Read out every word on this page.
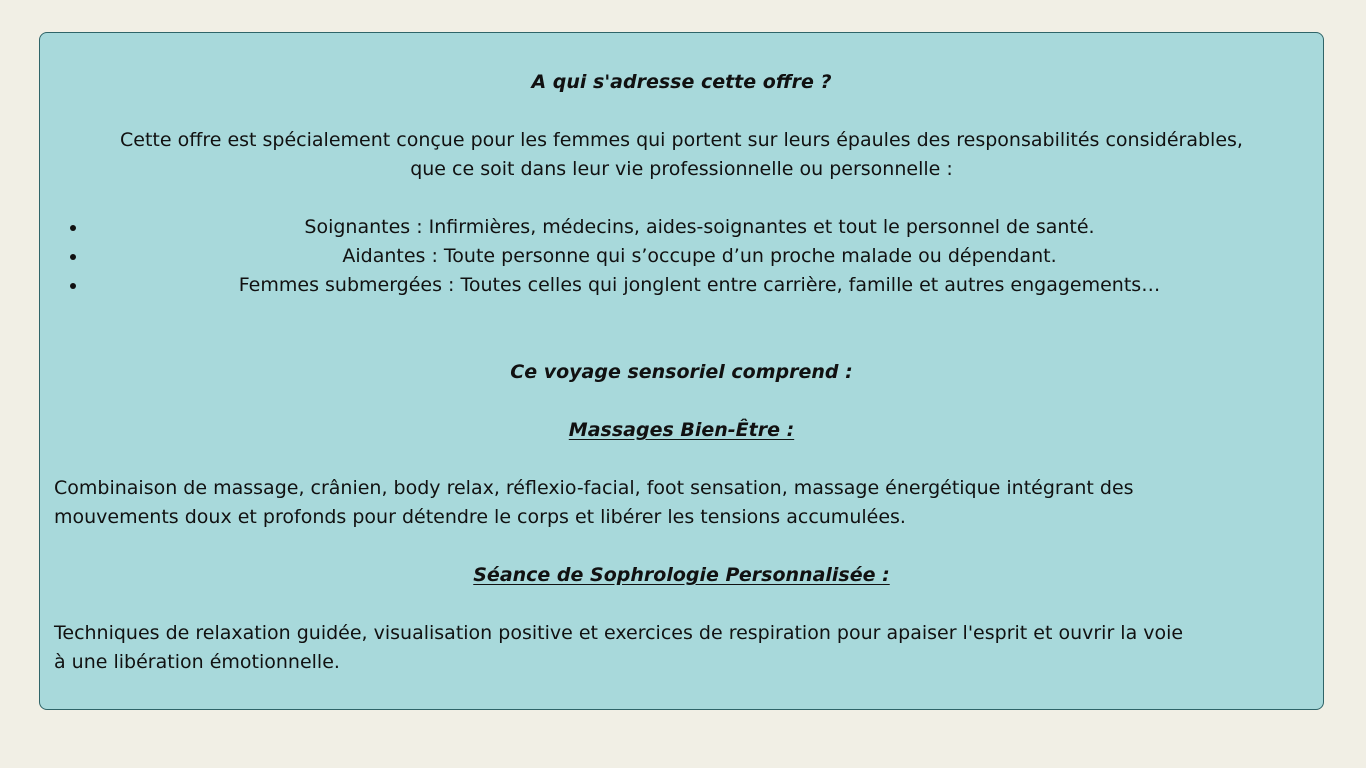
A qui s'adresse cette offre ?
Cette offre est spécialement conçue pour les femmes qui portent sur leurs épaules des responsabilités considérables,
que ce soit dans leur vie professionnelle ou personnelle :
Soignantes : Infirmières, médecins, aides-soignantes et tout le personnel de santé.
Aidantes : Toute personne qui s’occupe d’un proche malade ou dépendant.
Femmes submergées : Toutes celles qui jonglent entre carrière, famille et autres engagements…
Ce voyage sensoriel comprend :
Massages Bien-Être :
Combinaison de massage, crânien, body relax, réflexio-facial, foot sensation, massage énergétique intégrant des
mouvements doux et profonds pour détendre le corps et libérer les tensions accumulées.
Séance de Sophrologie Personnalisée :
Techniques de relaxation guidée, visualisation positive et exercices de respiration pour apaiser l'esprit et ouvrir la voie
à une libération émotionnelle.
